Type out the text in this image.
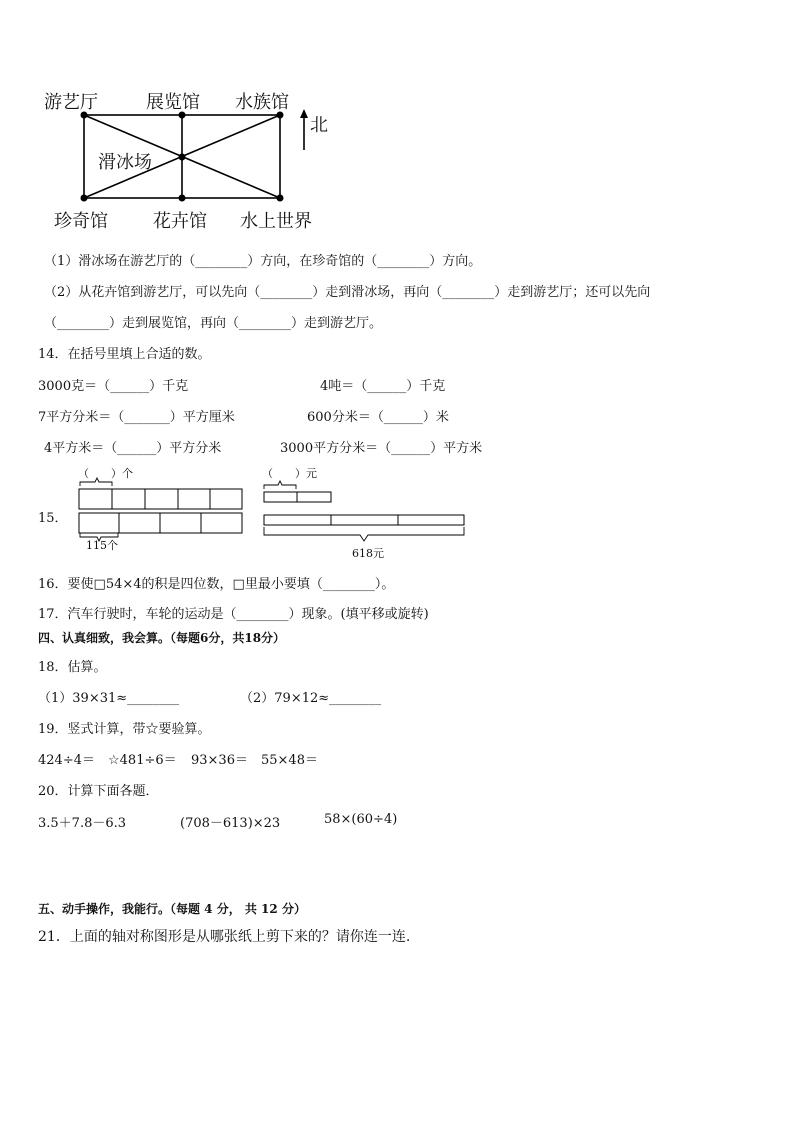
游艺厅	展览馆 水族馆
滑冰场
珍奇馆	花卉馆 水上世界
北
（1）滑冰场在游艺厅的（________）方向，在珍奇馆的（________）方向。
（2）从花卉馆到游艺厅，可以先向（________）走到滑冰场，再向（________）走到游艺厅；还可以先向
（________）走到展览馆，再向（________）走到游艺厅。
14．在括号里填上合适的数。
3000克＝（______）千克	4吨＝（______）千克
7平方分米＝（_______）平方厘米	600分米＝（______）米
4平方米＝（______）平方分米	3000平方分米＝（______）平方米
15．
（　　）个
115个
（　　）元
618元
16．要使□54×4的积是四位数，□里最小要填（________）。
17．汽车行驶时，车轮的运动是（________）现象。(填平移或旋转)
四、认真细致，我会算。（每题6分，共18分）
18．估算。
（1）39×31≈________	（2）79×12≈________
19．竖式计算，带☆要验算。
424÷4＝ ☆481÷6＝ 93×36＝ 55×48＝
20．计算下面各题．
3.5＋7.8－6.3	(708－613)×23	58×(60÷4)
五、动手操作，我能行。（每题 4 分， 共 12 分）
21．上面的轴对称图形是从哪张纸上剪下来的？请你连一连.
